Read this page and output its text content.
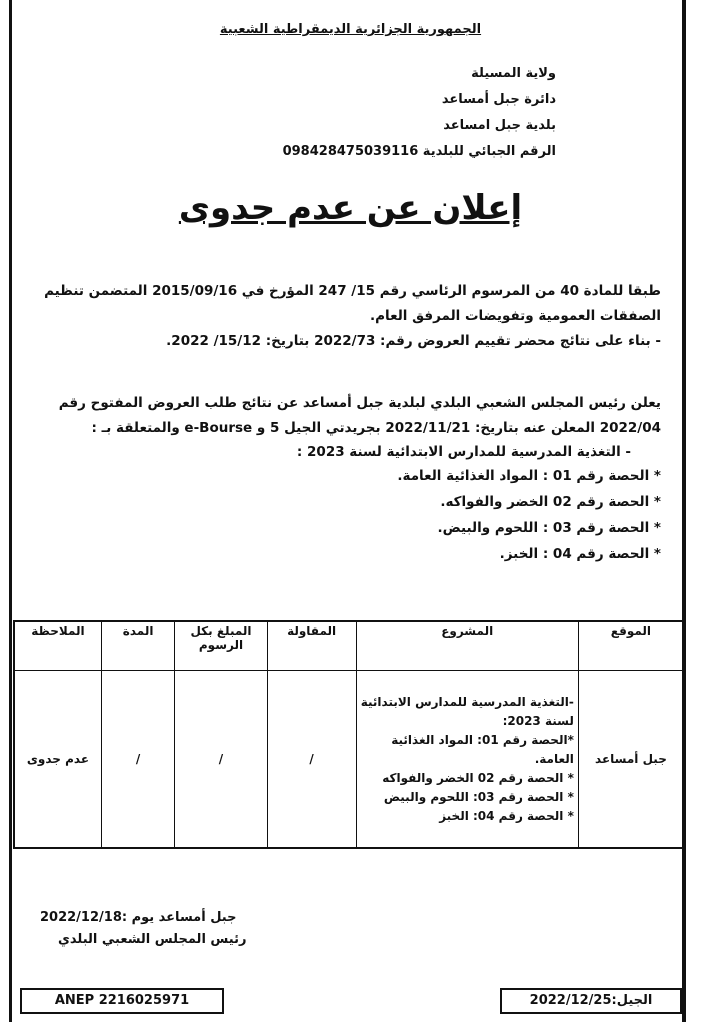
الجمهورية الجزائرية الديمقراطية الشعبية
ولاية المسيلة
دائرة جبل أمساعد
بلدية جبل امساعد
الرقم الجبائي للبلدية 098428475039116
إعلان عن عدم جدوى
طبقا للمادة 40 من المرسوم الرئاسي رقم 15/ 247 المؤرخ في 2015/09/16 المتضمن تنظيم
الصفقات العمومية وتفويضات المرفق العام.
- بناء على نتائج محضر تقييم العروض رقم: 2022/73 بتاريخ: 15/12/ 2022.
يعلن رئيس المجلس الشعبي البلدي لبلدية جبل أمساعد عن نتائج طلب العروض المفتوح رقم
2022/04 المعلن عنه بتاريخ: 2022/11/21 بجريدتي الجيل 5 و e-Bourse والمتعلقة بـ :
- التغذية المدرسية للمدارس الابتدائية لسنة 2023 :
* الحصة رقم 01 : المواد الغذائية العامة.
* الحصة رقم 02 الخضر والفواكه.
* الحصة رقم 03 : اللحوم والبيض.
* الحصة رقم 04 : الخبز.
الموقع	المشروع	المقاولة	المبلغ بكل الرسوم	المدة	الملاحظة
جبل أمساعد	-التغذية المدرسية للمدارس الابتدائية لسنة 2023:
*الحصة رقم 01: المواد الغذائية العامة.
* الحصة رقم 02 الخضر والفواكه
* الحصة رقم 03: اللحوم والبيض
* الحصة رقم 04: الخبز	/	/	/	عدم جدوى
جبل أمساعد يوم :2022/12/18
رئيس المجلس الشعبي البلدي
ANEP 2216025971	الجيل:2022/12/25
